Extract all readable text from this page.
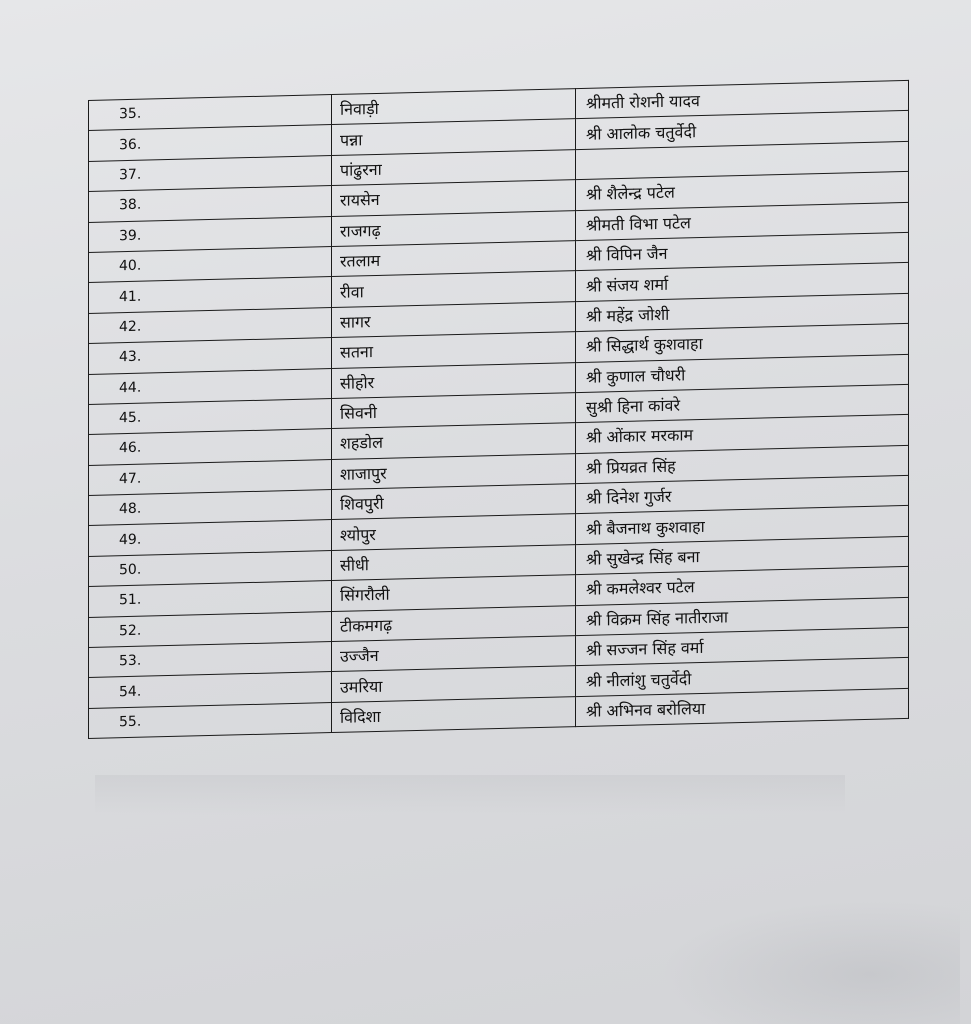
35.	निवाड़ी	श्रीमती रोशनी यादव
36.	पन्ना	श्री आलोक चतुर्वेदी
37.	पांढुरना	
38.	रायसेन	श्री शैलेन्द्र पटेल
39.	राजगढ़	श्रीमती विभा पटेल
40.	रतलाम	श्री विपिन जैन
41.	रीवा	श्री संजय शर्मा
42.	सागर	श्री महेंद्र जोशी
43.	सतना	श्री सिद्धार्थ कुशवाहा
44.	सीहोर	श्री कुणाल चौधरी
45.	सिवनी	सुश्री हिना कांवरे
46.	शहडोल	श्री ओंकार मरकाम
47.	शाजापुर	श्री प्रियव्रत सिंह
48.	शिवपुरी	श्री दिनेश गुर्जर
49.	श्योपुर	श्री बैजनाथ कुशवाहा
50.	सीधी	श्री सुखेन्द्र सिंह बना
51.	सिंगरौली	श्री कमलेश्वर पटेल
52.	टीकमगढ़	श्री विक्रम सिंह नातीराजा
53.	उज्जैन	श्री सज्जन सिंह वर्मा
54.	उमरिया	श्री नीलांशु चतुर्वेदी
55.	विदिशा	श्री अभिनव बरोलिया
